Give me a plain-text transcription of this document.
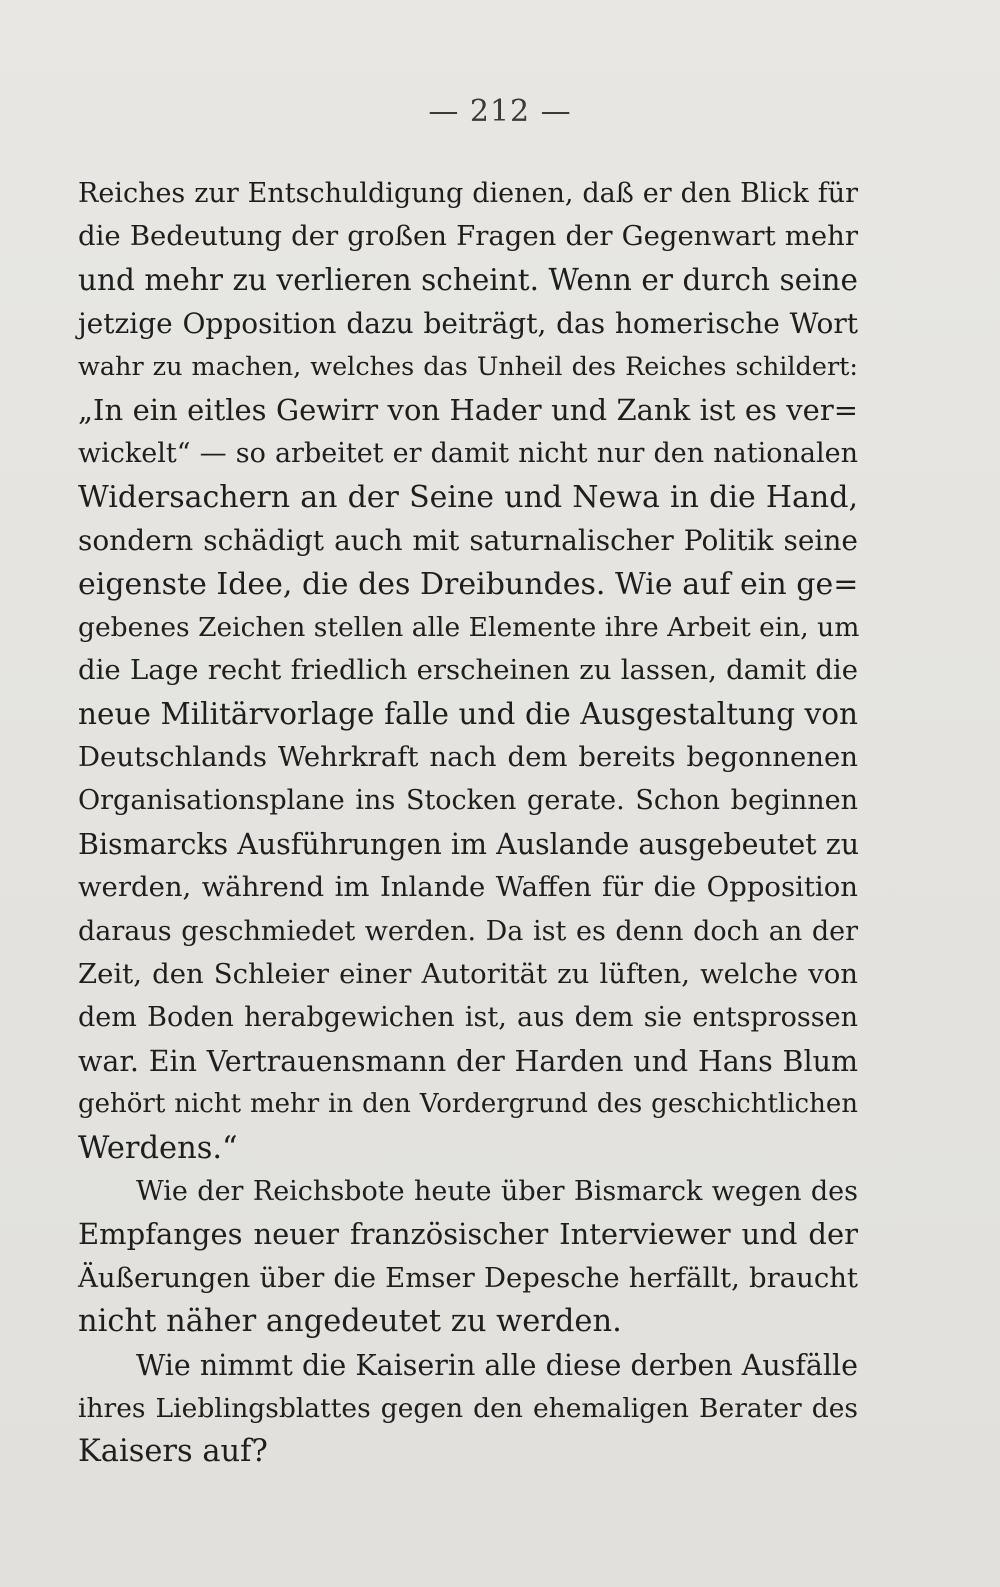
— 212 —
Reiches zur Entschuldigung dienen, daß er den Blick für
die Bedeutung der großen Fragen der Gegenwart mehr
und mehr zu verlieren scheint. Wenn er durch seine
jetzige Opposition dazu beiträgt, das homerische Wort
wahr zu machen, welches das Unheil des Reiches schildert:
„In ein eitles Gewirr von Hader und Zank ist es ver=
wickelt“ — so arbeitet er damit nicht nur den nationalen
Widersachern an der Seine und Newa in die Hand,
sondern schädigt auch mit saturnalischer Politik seine
eigenste Idee, die des Dreibundes. Wie auf ein ge=
gebenes Zeichen stellen alle Elemente ihre Arbeit ein, um
die Lage recht friedlich erscheinen zu lassen, damit die
neue Militärvorlage falle und die Ausgestaltung von
Deutschlands Wehrkraft nach dem bereits begonnenen
Organisationsplane ins Stocken gerate. Schon beginnen
Bismarcks Ausführungen im Auslande ausgebeutet zu
werden, während im Inlande Waffen für die Opposition
daraus geschmiedet werden. Da ist es denn doch an der
Zeit, den Schleier einer Autorität zu lüften, welche von
dem Boden herabgewichen ist, aus dem sie entsprossen
war. Ein Vertrauensmann der Harden und Hans Blum
gehört nicht mehr in den Vordergrund des geschichtlichen
Werdens.“
Wie der Reichsbote heute über Bismarck wegen des
Empfanges neuer französischer Interviewer und der
Äußerungen über die Emser Depesche herfällt, braucht
nicht näher angedeutet zu werden.
Wie nimmt die Kaiserin alle diese derben Ausfälle
ihres Lieblingsblattes gegen den ehemaligen Berater des
Kaisers auf?
